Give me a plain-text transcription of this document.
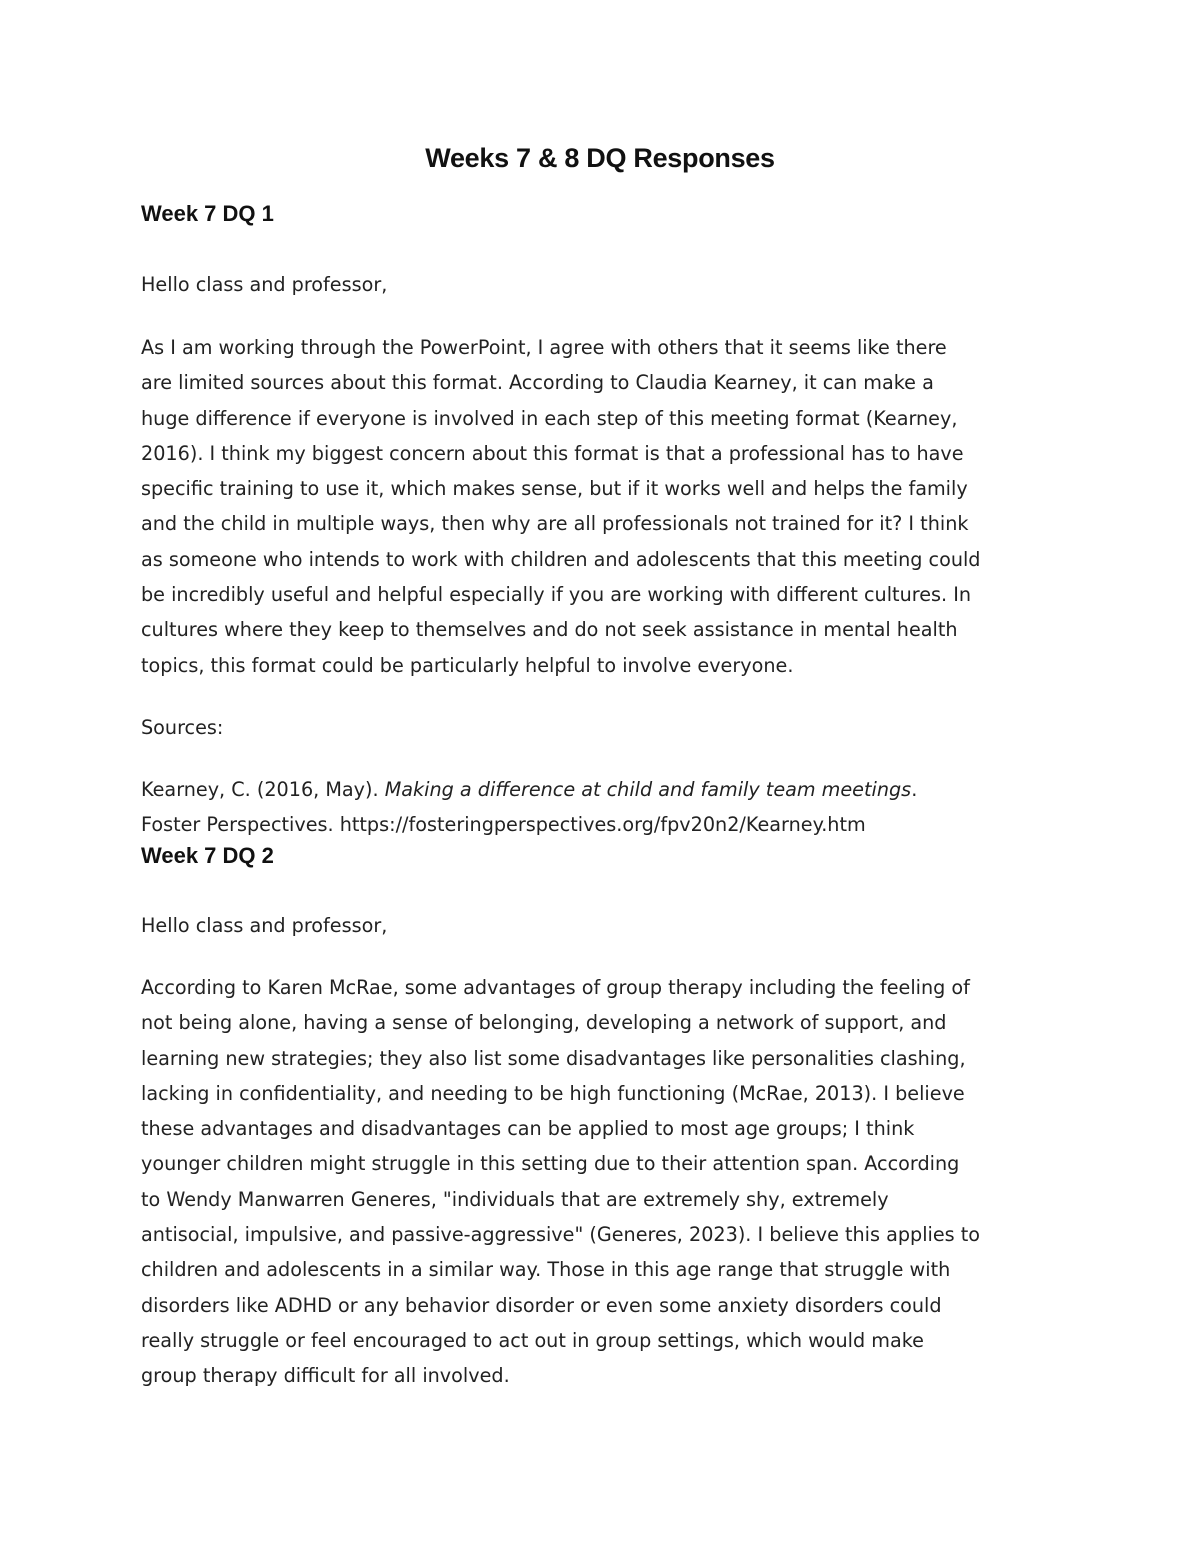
Weeks 7 & 8 DQ Responses
Week 7 DQ 1
Hello class and professor,
As I am working through the PowerPoint, I agree with others that it seems like there
are limited sources about this format. According to Claudia Kearney, it can make a
huge difference if everyone is involved in each step of this meeting format (Kearney,
2016). I think my biggest concern about this format is that a professional has to have
specific training to use it, which makes sense, but if it works well and helps the family
and the child in multiple ways, then why are all professionals not trained for it? I think
as someone who intends to work with children and adolescents that this meeting could
be incredibly useful and helpful especially if you are working with different cultures. In
cultures where they keep to themselves and do not seek assistance in mental health
topics, this format could be particularly helpful to involve everyone.
Sources:
Kearney, C. (2016, May). Making a difference at child and family team meetings.
Foster Perspectives. https://fosteringperspectives.org/fpv20n2/Kearney.htm
Week 7 DQ 2
Hello class and professor,
According to Karen McRae, some advantages of group therapy including the feeling of
not being alone, having a sense of belonging, developing a network of support, and
learning new strategies; they also list some disadvantages like personalities clashing,
lacking in confidentiality, and needing to be high functioning (McRae, 2013). I believe
these advantages and disadvantages can be applied to most age groups; I think
younger children might struggle in this setting due to their attention span. According
to Wendy Manwarren Generes, "individuals that are extremely shy, extremely
antisocial, impulsive, and passive-aggressive" (Generes, 2023). I believe this applies to
children and adolescents in a similar way. Those in this age range that struggle with
disorders like ADHD or any behavior disorder or even some anxiety disorders could
really struggle or feel encouraged to act out in group settings, which would make
group therapy difficult for all involved.
